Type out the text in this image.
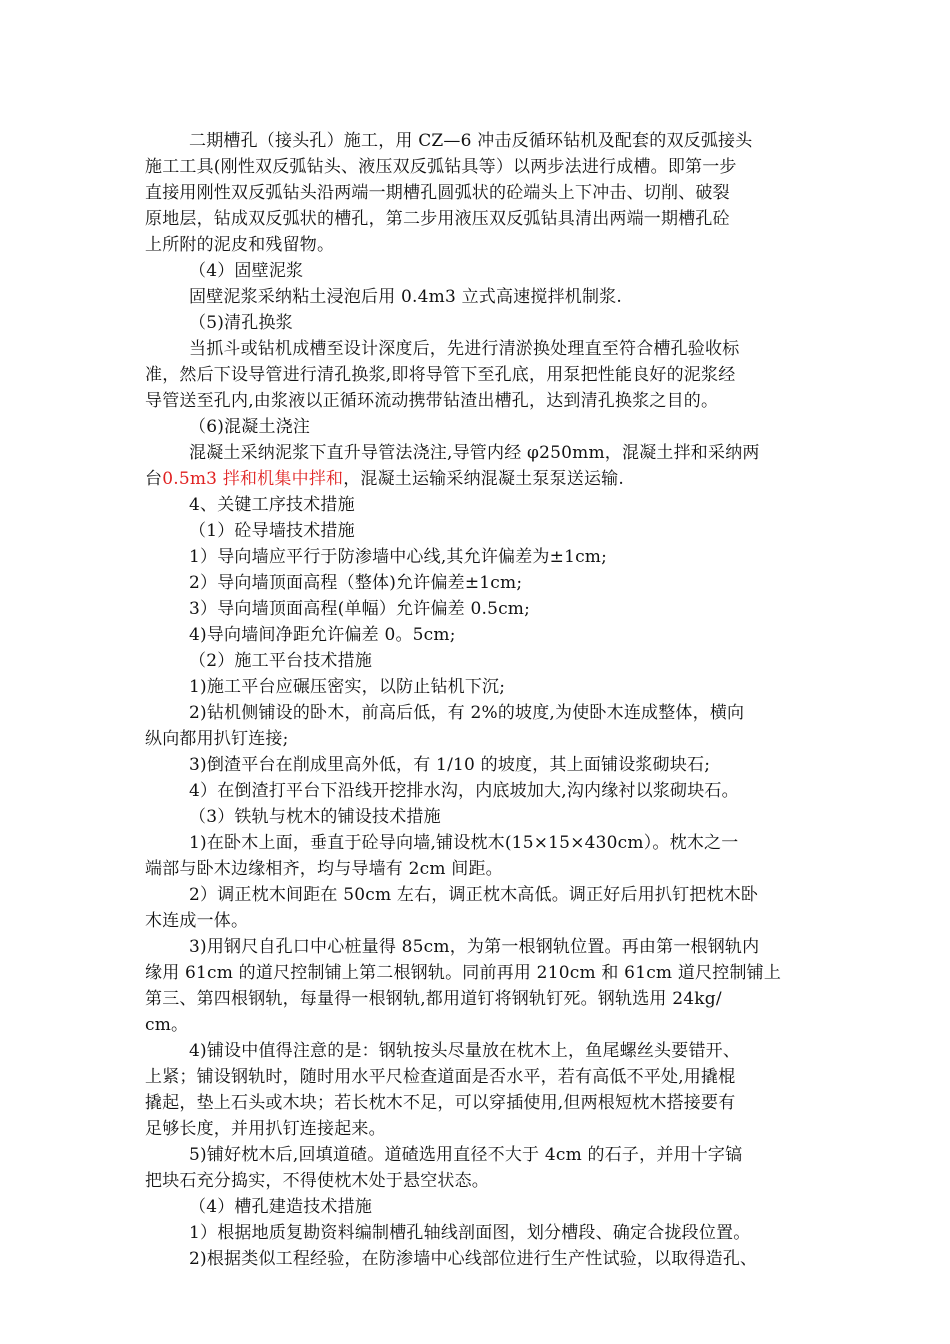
二期槽孔（接头孔）施工，用 CZ—6 冲击反循环钻机及配套的双反弧接头
施工工具(刚性双反弧钻头、液压双反弧钻具等）以两步法进行成槽。即第一步
直接用刚性双反弧钻头沿两端一期槽孔圆弧状的砼端头上下冲击、切削、破裂
原地层，钻成双反弧状的槽孔，第二步用液压双反弧钻具清出两端一期槽孔砼
上所附的泥皮和残留物。
（4）固壁泥浆
固壁泥浆采纳粘土浸泡后用 0.4m3 立式高速搅拌机制浆.
（5)清孔换浆
当抓斗或钻机成槽至设计深度后，先进行清淤换处理直至符合槽孔验收标
准，然后下设导管进行清孔换浆,即将导管下至孔底，用泵把性能良好的泥浆经
导管送至孔内,由浆液以正循环流动携带钻渣出槽孔，达到清孔换浆之目的。
（6)混凝土浇注
混凝土采纳泥浆下直升导管法浇注,导管内经 φ250mm，混凝土拌和采纳两
台0.5m3 拌和机集中拌和，混凝土运输采纳混凝土泵泵送运输.
4、关键工序技术措施
（1）砼导墙技术措施
1）导向墙应平行于防渗墙中心线,其允许偏差为±1cm;
2）导向墙顶面高程（整体)允许偏差±1cm;
3）导向墙顶面高程(单幅）允许偏差 0.5cm;
4)导向墙间净距允许偏差 0。5cm;
（2）施工平台技术措施
1)施工平台应碾压密实，以防止钻机下沉;
2)钻机侧铺设的卧木，前高后低，有 2%的坡度,为使卧木连成整体，横向
纵向都用扒钉连接;
3)倒渣平台在削成里高外低，有 1/10 的坡度，其上面铺设浆砌块石;
4）在倒渣打平台下沿线开挖排水沟，内底坡加大,沟内缘衬以浆砌块石。
（3）铁轨与枕木的铺设技术措施
1)在卧木上面，垂直于砼导向墙,铺设枕木(15×15×430cm）。枕木之一
端部与卧木边缘相齐，均与导墙有 2cm 间距。
2）调正枕木间距在 50cm 左右，调正枕木高低。调正好后用扒钉把枕木卧
木连成一体。
3)用钢尺自孔口中心桩量得 85cm，为第一根钢轨位置。再由第一根钢轨内
缘用 61cm 的道尺控制铺上第二根钢轨。同前再用 210cm 和 61cm 道尺控制铺上
第三、第四根钢轨，每量得一根钢轨,都用道钉将钢轨钉死。钢轨选用 24kg/
cm。
4)铺设中值得注意的是：钢轨按头尽量放在枕木上，鱼尾螺丝头要错开、
上紧；铺设钢轨时，随时用水平尺检查道面是否水平，若有高低不平处,用撬棍
撬起，垫上石头或木块；若长枕木不足，可以穿插使用,但两根短枕木搭接要有
足够长度，并用扒钉连接起来。
5)铺好枕木后,回填道碴。道碴选用直径不大于 4cm 的石子，并用十字镐
把块石充分捣实，不得使枕木处于悬空状态。
（4）槽孔建造技术措施
1）根据地质复勘资料编制槽孔轴线剖面图，划分槽段、确定合拢段位置。
2)根据类似工程经验，在防渗墙中心线部位进行生产性试验，以取得造孔、
